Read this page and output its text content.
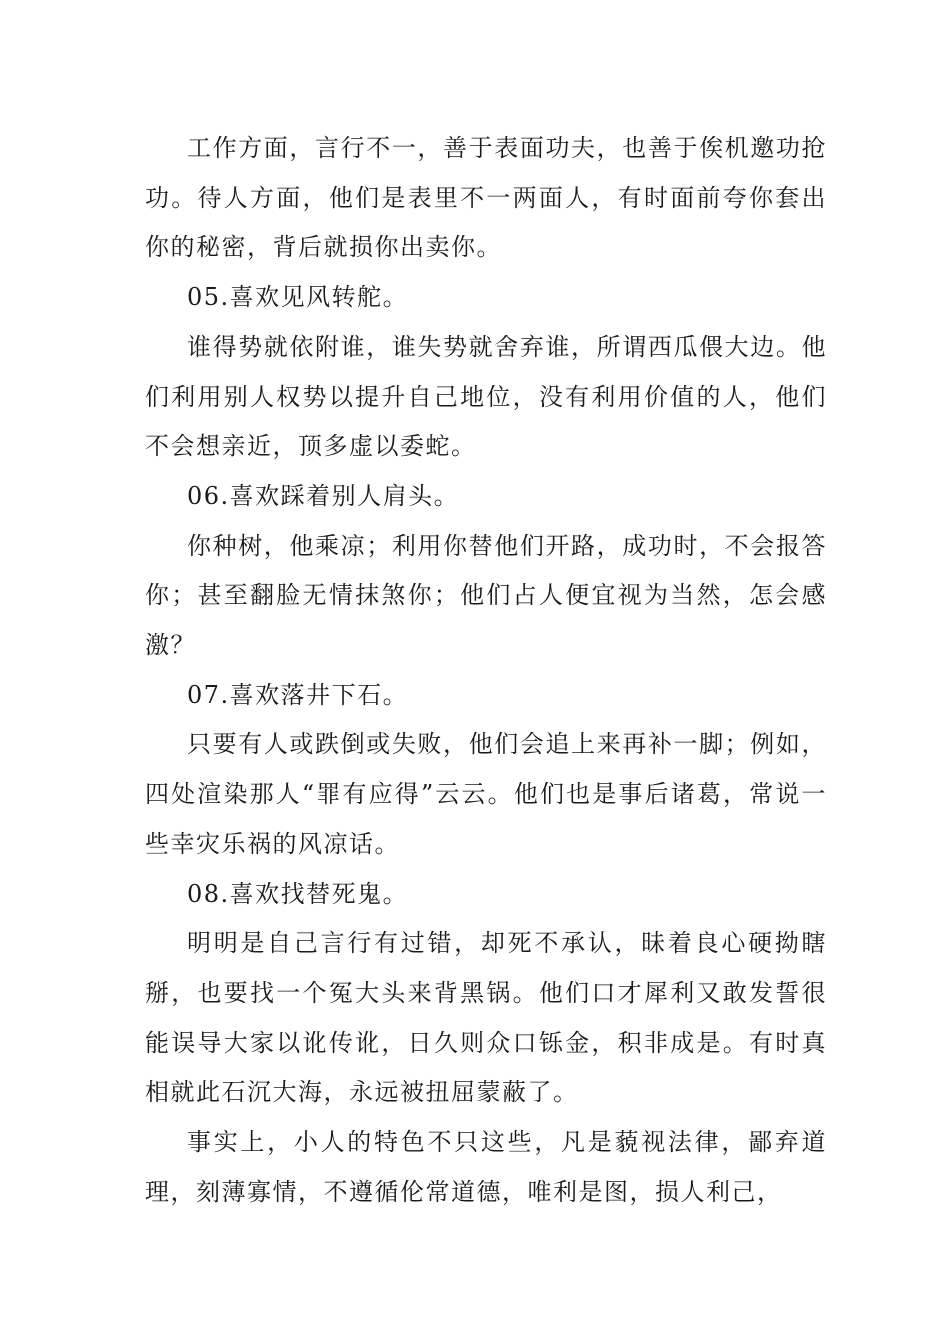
工作方面，言行不一，善于表面功夫，也善于俟机邀功抢功。待人方面，他们是表里不一两面人，有时面前夸你套出你的秘密，背后就损你出卖你。

05.喜欢见风转舵。

谁得势就依附谁，谁失势就舍弃谁，所谓西瓜偎大边。他们利用别人权势以提升自己地位，没有利用价值的人，他们不会想亲近，顶多虚以委蛇。

06.喜欢踩着别人肩头。

你种树，他乘凉；利用你替他们开路，成功时，不会报答你；甚至翻脸无情抹煞你；他们占人便宜视为当然，怎会感激？

07.喜欢落井下石。

只要有人或跌倒或失败，他们会追上来再补一脚；例如，四处渲染那人“罪有应得”云云。他们也是事后诸葛，常说一些幸灾乐祸的风凉话。

08.喜欢找替死鬼。

明明是自己言行有过错，却死不承认，昧着良心硬拗瞎掰，也要找一个冤大头来背黑锅。他们口才犀利又敢发誓很能误导大家以讹传讹，日久则众口铄金，积非成是。有时真相就此石沉大海，永远被扭屈蒙蔽了。

事实上，小人的特色不只这些，凡是藐视法律，鄙弃道理，刻薄寡情，不遵循伦常道德，唯利是图，损人利己，
